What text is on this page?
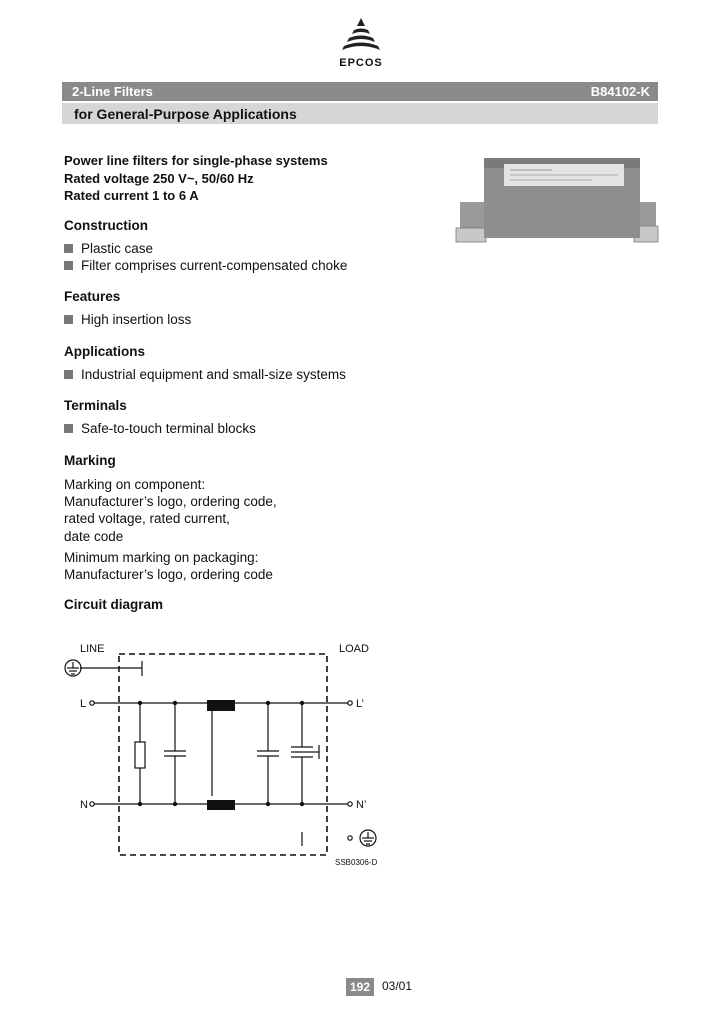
EPCOS
2-Line Filters	B84102-K
for General-Purpose Applications
Power line filters for single-phase systems
Rated voltage 250 V~, 50/60 Hz
Rated current 1 to 6 A
Construction
Plastic case
Filter comprises current-compensated choke
Features
High insertion loss
Applications
Industrial equipment and small-size systems
Terminals
Safe-to-touch terminal blocks
Marking
Marking on component:
Manufacturer’s logo, ordering code,
rated voltage, rated current,
date code
Minimum marking on packaging:
Manufacturer’s logo, ordering code
Circuit diagram
LINE	LOAD
L
N
L’
N’
SSB0306-D
192 03/01
